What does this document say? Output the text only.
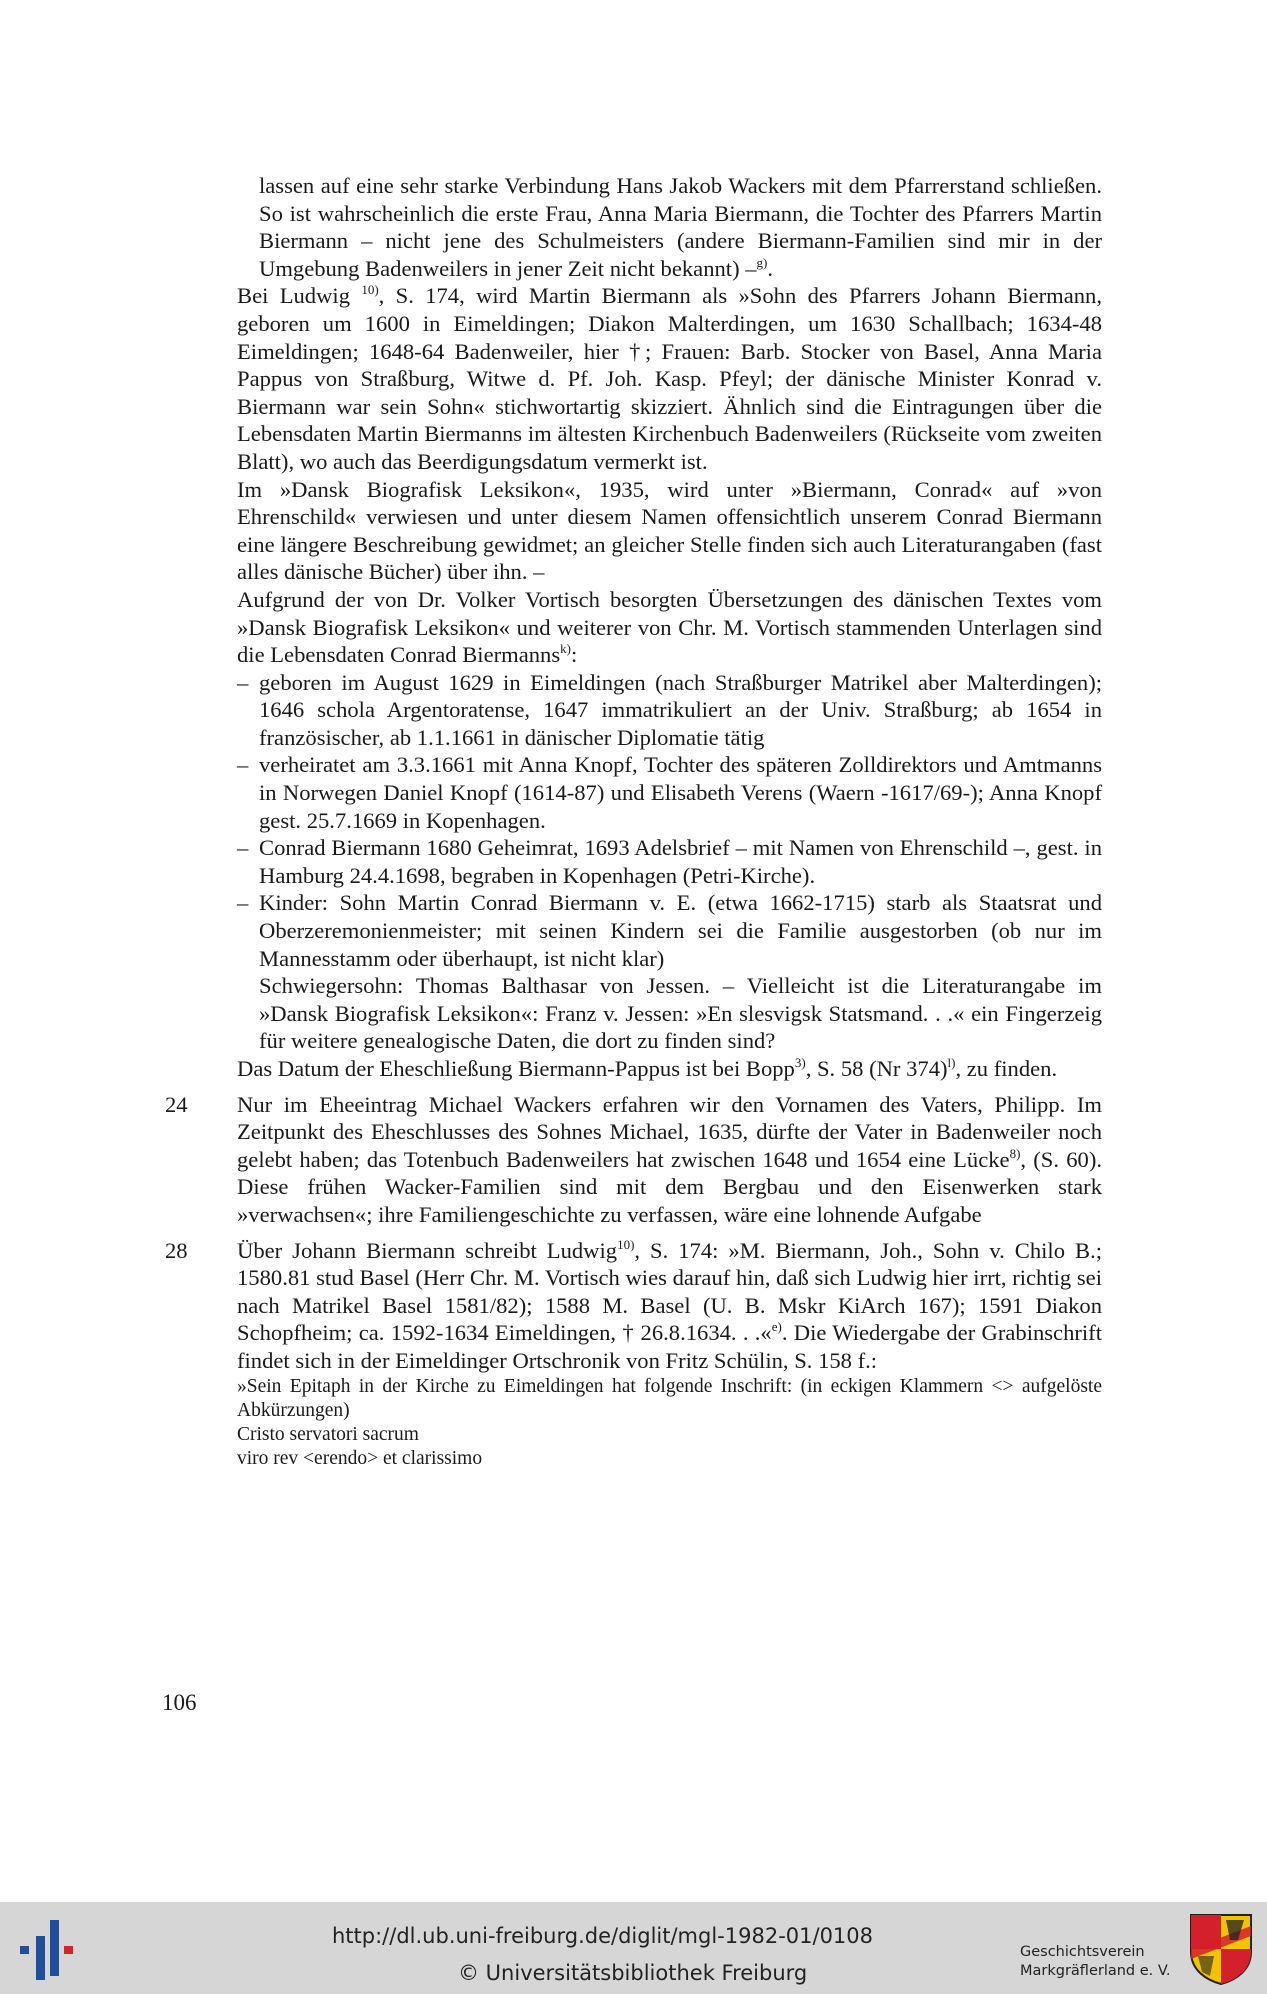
lassen auf eine sehr starke Verbindung Hans Jakob Wackers mit dem Pfarrerstand schließen. So ist wahrscheinlich die erste Frau, Anna Maria Biermann, die Tochter des Pfarrers Martin Biermann – nicht jene des Schulmeisters (andere Biermann-Familien sind mir in der Umgebung Badenweilers in jener Zeit nicht bekannt) –$^{g)}$.

Bei Ludwig $^{10)}$, S. 174, wird Martin Biermann als »Sohn des Pfarrers Johann Biermann, geboren um 1600 in Eimeldingen; Diakon Malterdingen, um 1630 Schallbach; 1634-48 Eimeldingen; 1648-64 Badenweiler, hier †; Frauen: Barb. Stocker von Basel, Anna Maria Pappus von Straßburg, Witwe d. Pf. Joh. Kasp. Pfeyl; der dänische Minister Konrad v. Biermann war sein Sohn« stichwortartig skizziert. Ähnlich sind die Eintragungen über die Lebensdaten Martin Biermanns im ältesten Kirchenbuch Badenweilers (Rückseite vom zweiten Blatt), wo auch das Beerdigungsdatum vermerkt ist.

Im »Dansk Biografisk Leksikon«, 1935, wird unter »Biermann, Conrad« auf »von Ehrenschild« verwiesen und unter diesem Namen offensichtlich unserem Conrad Biermann eine längere Beschreibung gewidmet; an gleicher Stelle finden sich auch Literaturangaben (fast alles dänische Bücher) über ihn. –

Aufgrund der von Dr. Volker Vortisch besorgten Übersetzungen des dänischen Textes vom »Dansk Biografisk Leksikon« und weiterer von Chr. M. Vortisch stammenden Unterlagen sind die Lebensdaten Conrad Biermanns$^{k)}$:

– geboren im August 1629 in Eimeldingen (nach Straßburger Matrikel aber Malterdingen); 1646 schola Argentoratense, 1647 immatrikuliert an der Univ. Straßburg; ab 1654 in französischer, ab 1.1.1661 in dänischer Diplomatie tätig
– verheiratet am 3.3.1661 mit Anna Knopf, Tochter des späteren Zolldirektors und Amtmanns in Norwegen Daniel Knopf (1614-87) und Elisabeth Verens (Waern -1617/69-); Anna Knopf gest. 25.7.1669 in Kopenhagen.
– Conrad Biermann 1680 Geheimrat, 1693 Adelsbrief – mit Namen von Ehrenschild –, gest. in Hamburg 24.4.1698, begraben in Kopenhagen (Petri-Kirche).
– Kinder: Sohn Martin Conrad Biermann v. E. (etwa 1662-1715) starb als Staatsrat und Oberzeremonienmeister; mit seinen Kindern sei die Familie ausgestorben (ob nur im Mannesstamm oder überhaupt, ist nicht klar)

Schwiegersohn: Thomas Balthasar von Jessen. – Vielleicht ist die Literaturangabe im »Dansk Biografisk Leksikon«: Franz v. Jessen: »En slesvigsk Statsmand. . .« ein Fingerzeig für weitere genealogische Daten, die dort zu finden sind?

Das Datum der Eheschließung Biermann-Pappus ist bei Bopp$^{3)}$, S. 58 (Nr 374)$^{l)}$, zu finden.

24 Nur im Eheeintrag Michael Wackers erfahren wir den Vornamen des Vaters, Philipp. Im Zeitpunkt des Eheschlusses des Sohnes Michael, 1635, dürfte der Vater in Badenweiler noch gelebt haben; das Totenbuch Badenweilers hat zwischen 1648 und 1654 eine Lücke$^{8)}$, (S. 60). Diese frühen Wacker-Familien sind mit dem Bergbau und den Eisenwerken stark »verwachsen«; ihre Familiengeschichte zu verfassen, wäre eine lohnende Aufgabe
28 Über Johann Biermann schreibt Ludwig$^{10)}$, S. 174: »M. Biermann, Joh., Sohn v. Chilo B.; 1580.81 stud Basel (Herr Chr. M. Vortisch wies darauf hin, daß sich Ludwig hier irrt, richtig sei nach Matrikel Basel 1581/82); 1588 M. Basel (U. B. Mskr KiArch 167); 1591 Diakon Schopfheim; ca. 1592-1634 Eimeldingen, † 26.8.1634. . .«$^{e)}$. Die Wiedergabe der Grabinschrift findet sich in der Eimeldinger Ortschronik von Fritz Schülin, S. 158 f.:

»Sein Epitaph in der Kirche zu Eimeldingen hat folgende Inschrift: (in eckigen Klammern <> aufgelöste Abkürzungen)

Cristo servatori sacrum

viro rev <erendo> et clarissimo

106
http://dl.ub.uni-freiburg.de/diglit/mgl-1982-01/0108
© Universitätsbibliothek Freiburg
Geschichtsverein
Markgräflerland e. V.
